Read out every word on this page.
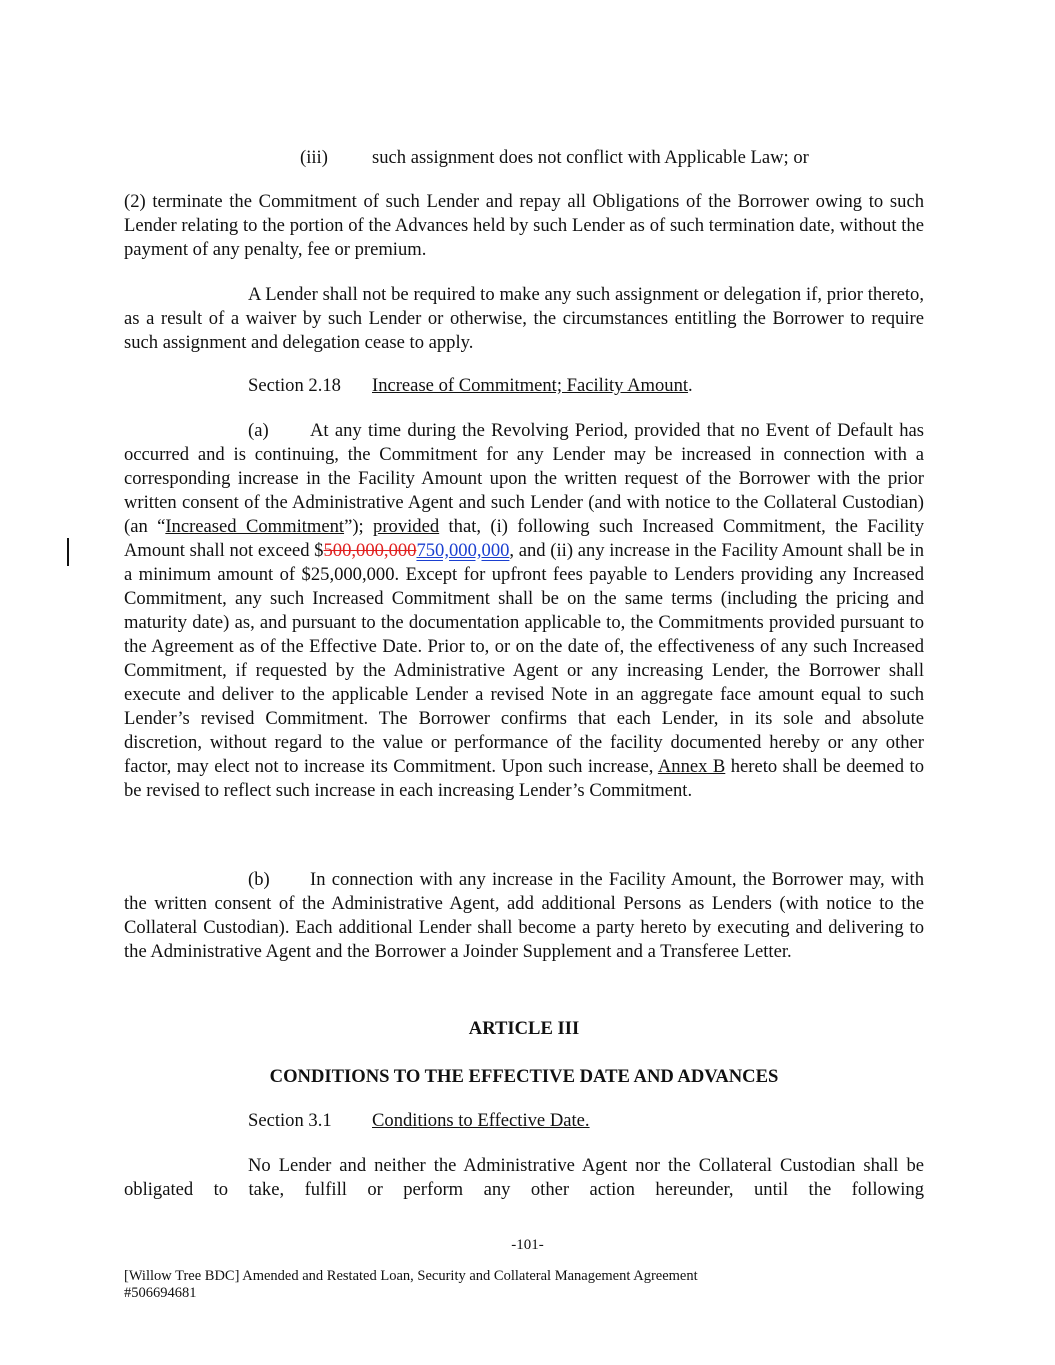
(iii) such assignment does not conflict with Applicable Law; or

(2) terminate the Commitment of such Lender and repay all Obligations of the Borrower owing to such Lender relating to the portion of the Advances held by such Lender as of such termination date, without the payment of any penalty, fee or premium.

A Lender shall not be required to make any such assignment or delegation if, prior thereto, as a result of a waiver by such Lender or otherwise, the circumstances entitling the Borrower to require such assignment and delegation cease to apply.

Section 2.18 Increase of Commitment; Facility Amount.

(a) At any time during the Revolving Period, provided that no Event of Default has occurred and is continuing, the Commitment for any Lender may be increased in connection with a corresponding increase in the Facility Amount upon the written request of the Borrower with the prior written consent of the Administrative Agent and such Lender (and with notice to the Collateral Custodian) (an “Increased Commitment”); provided that, (i) following such Increased Commitment, the Facility Amount shall not exceed $500,000,000750,000,000, and (ii) any increase in the Facility Amount shall be in a minimum amount of $25,000,000. Except for upfront fees payable to Lenders providing any Increased Commitment, any such Increased Commitment shall be on the same terms (including the pricing and maturity date) as, and pursuant to the documentation applicable to, the Commitments provided pursuant to the Agreement as of the Effective Date. Prior to, or on the date of, the effectiveness of any such Increased Commitment, if requested by the Administrative Agent or any increasing Lender, the Borrower shall execute and deliver to the applicable Lender a revised Note in an aggregate face amount equal to such Lender’s revised Commitment. The Borrower confirms that each Lender, in its sole and absolute discretion, without regard to the value or performance of the facility documented hereby or any other factor, may elect not to increase its Commitment. Upon such increase, Annex B hereto shall be deemed to be revised to reflect such increase in each increasing Lender’s Commitment.

(b) In connection with any increase in the Facility Amount, the Borrower may, with the written consent of the Administrative Agent, add additional Persons as Lenders (with notice to the Collateral Custodian). Each additional Lender shall become a party hereto by executing and delivering to the Administrative Agent and the Borrower a Joinder Supplement and a Transferee Letter.

ARTICLE III

CONDITIONS TO THE EFFECTIVE DATE AND ADVANCES

Section 3.1 Conditions to Effective Date.

No Lender and neither the Administrative Agent nor the Collateral Custodian shall be obligated to take, fulfill or perform any other action hereunder, until the following

-101-
[Willow Tree BDC] Amended and Restated Loan, Security and Collateral Management Agreement
#506694681
